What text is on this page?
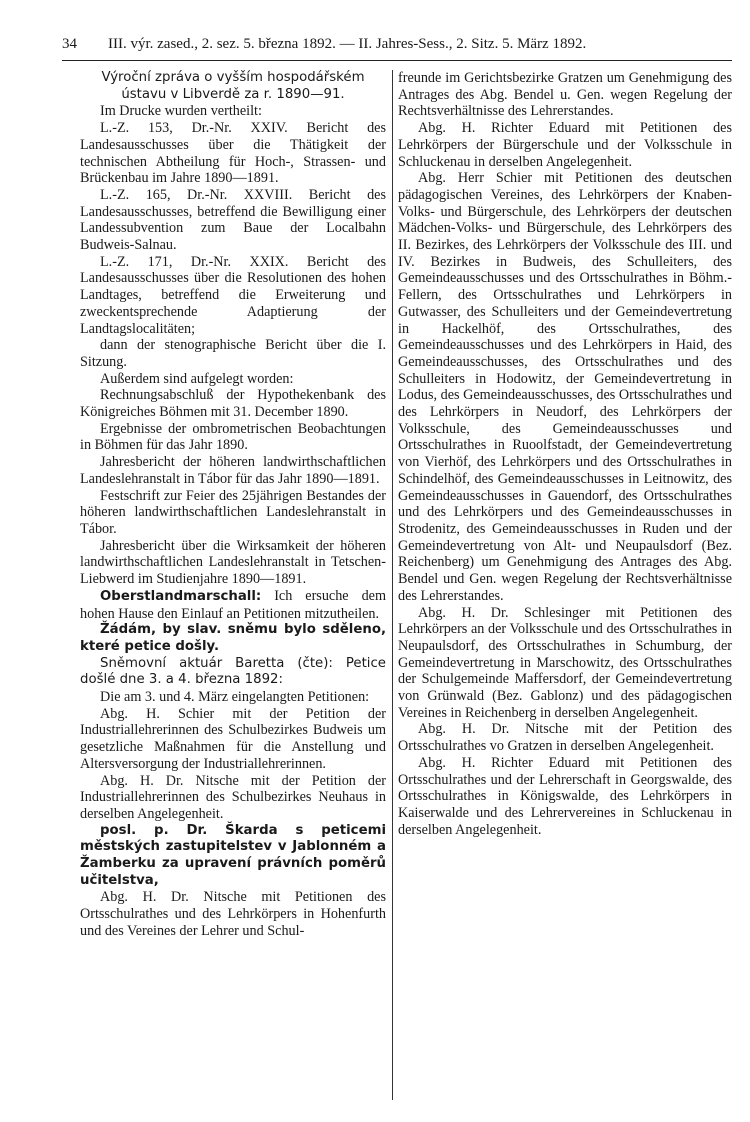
34 III. výr. zased., 2. sez. 5. března 1892. — II. Jahres-Sess., 2. Sitz. 5. März 1892.

Výroční zpráva o vyšším hospodářském ústavu v Libverdě za r. 1890—91.

Im Drucke wurden vertheilt:

L.-Z. 153, Dr.-Nr. XXIV. Bericht des Landesausschusses über die Thätigkeit der technischen Abtheilung für Hoch-, Strassen- und Brückenbau im Jahre 1890—1891.

L.-Z. 165, Dr.-Nr. XXVIII. Bericht des Landesausschusses, betreffend die Bewilligung einer Landessubvention zum Baue der Localbahn Budweis-Salnau.

L.-Z. 171, Dr.-Nr. XXIX. Bericht des Landesausschusses über die Resolutionen des hohen Landtages, betreffend die Erweiterung und zweckentsprechende Adaptierung der Landtagslocalitäten;

dann der stenographische Bericht über die I. Sitzung.

Außerdem sind aufgelegt worden:

Rechnungsabschluß der Hypothekenbank des Königreiches Böhmen mit 31. December 1890.

Ergebnisse der ombrometrischen Beobachtungen in Böhmen für das Jahr 1890.

Jahresbericht der höheren landwirthschaftlichen Landeslehranstalt in Tábor für das Jahr 1890—1891.

Festschrift zur Feier des 25jährigen Bestandes der höheren landwirthschaftlichen Landeslehranstalt in Tábor.

Jahresbericht über die Wirksamkeit der höheren landwirthschaftlichen Landeslehranstalt in Tetschen-Liebwerd im Studienjahre 1890—1891.

Oberstlandmarschall: Ich ersuche dem hohen Hause den Einlauf an Petitionen mitzutheilen.

Žádám, by slav. sněmu bylo sděleno, které petice došly.

Sněmovní aktuár Baretta (čte): Petice došlé dne 3. a 4. března 1892:

Die am 3. und 4. März eingelangten Petitionen:

Abg. H. Schier mit der Petition der Industriallehrerinnen des Schulbezirkes Budweis um gesetzliche Maßnahmen für die Anstellung und Altersversorgung der Industriallehrerinnen.

Abg. H. Dr. Nitsche mit der Petition der Industriallehrerinnen des Schulbezirkes Neuhaus in derselben Angelegenheit.

posl. p. Dr. Škarda s peticemi městských zastupitelstev v Jablonném a Žamberku za upravení právních poměrů učitelstva,

Abg. H. Dr. Nitsche mit Petitionen des Ortsschulrathes und des Lehrkörpers in Hohenfurth und des Vereines der Lehrer und Schul-

freunde im Gerichtsbezirke Gratzen um Genehmigung des Antrages des Abg. Bendel u. Gen. wegen Regelung der Rechtsverhältnisse des Lehrerstandes.

Abg. H. Richter Eduard mit Petitionen des Lehrkörpers der Bürgerschule und der Volksschule in Schluckenau in derselben Angelegenheit.

Abg. Herr Schier mit Petitionen des deutschen pädagogischen Vereines, des Lehrkörpers der Knaben-Volks- und Bürgerschule, des Lehrkörpers der deutschen Mädchen-Volks- und Bürgerschule, des Lehrkörpers des II. Bezirkes, des Lehrkörpers der Volksschule des III. und IV. Bezirkes in Budweis, des Schulleiters, des Gemeindeausschusses und des Ortsschulrathes in Böhm.-Fellern, des Ortsschulrathes und Lehrkörpers in Gutwasser, des Schulleiters und der Gemeindevertretung in Hackelhöf, des Ortsschulrathes, des Gemeindeausschusses und des Lehrkörpers in Haid, des Gemeindeausschusses, des Ortsschulrathes und des Schulleiters in Hodowitz, der Gemeindevertretung in Lodus, des Gemeindeausschusses, des Ortsschulrathes und des Lehrkörpers in Neudorf, des Lehrkörpers der Volksschule, des Gemeindeausschusses und Ortsschulrathes in Ruoolfstadt, der Gemeindevertretung von Vierhöf, des Lehrkörpers und des Ortsschulrathes in Schindelhöf, des Gemeindeausschusses in Leitnowitz, des Gemeindeausschusses in Gauendorf, des Ortsschulrathes und des Lehrkörpers und des Gemeindeausschusses in Strodenitz, des Gemeindeausschusses in Ruden und der Gemeindevertretung von Alt- und Neupaulsdorf (Bez. Reichenberg) um Genehmigung des Antrages des Abg. Bendel und Gen. wegen Regelung der Rechtsverhältnisse des Lehrerstandes.

Abg. H. Dr. Schlesinger mit Petitionen des Lehrkörpers an der Volksschule und des Ortsschulrathes in Neupaulsdorf, des Ortsschulrathes in Schumburg, der Gemeindevertretung in Marschowitz, des Ortsschulrathes der Schulgemeinde Maffersdorf, der Gemeindevertretung von Grünwald (Bez. Gablonz) und des pädagogischen Vereines in Reichenberg in derselben Angelegenheit.

Abg. H. Dr. Nitsche mit der Petition des Ortsschulrathes vo Gratzen in derselben Angelegenheit.

Abg. H. Richter Eduard mit Petitionen des Ortsschulrathes und der Lehrerschaft in Georgswalde, des Ortsschulrathes in Königswalde, des Lehrkörpers in Kaiserwalde und des Lehrervereines in Schluckenau in derselben Angelegenheit.
